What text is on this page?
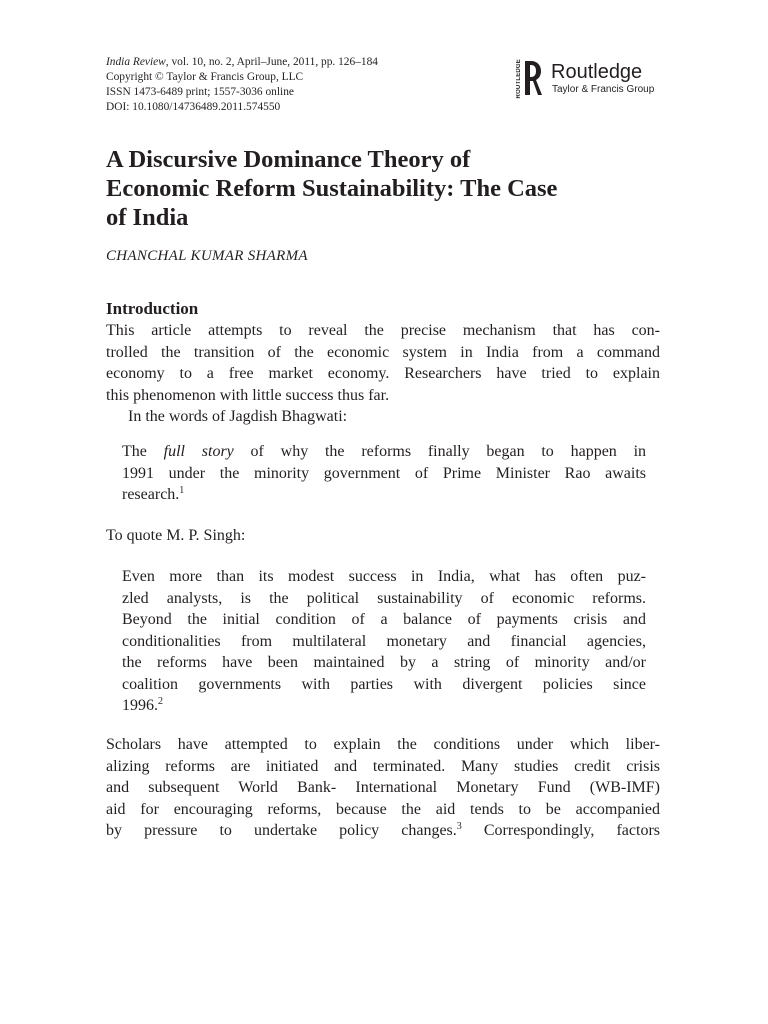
India Review, vol. 10, no. 2, April–June, 2011, pp. 126–184
Copyright © Taylor & Francis Group, LLC
ISSN 1473-6489 print; 1557-3036 online
DOI: 10.1080/14736489.2011.574550
ROUTLEDGE Routledge
Taylor & Francis Group
A Discursive Dominance Theory of
Economic Reform Sustainability: The Case
of India
CHANCHAL KUMAR SHARMA
Introduction
This article attempts to reveal the precise mechanism that has con-
trolled the transition of the economic system in India from a command
economy to a free market economy. Researchers have tried to explain
this phenomenon with little success thus far.
In the words of Jagdish Bhagwati:
The full story of why the reforms finally began to happen in
1991 under the minority government of Prime Minister Rao awaits
research.$^1$
To quote M. P. Singh:
Even more than its modest success in India, what has often puz-
zled analysts, is the political sustainability of economic reforms.
Beyond the initial condition of a balance of payments crisis and
conditionalities from multilateral monetary and financial agencies,
the reforms have been maintained by a string of minority and/or
coalition governments with parties with divergent policies since
1996.$^2$
Scholars have attempted to explain the conditions under which liber-
alizing reforms are initiated and terminated. Many studies credit crisis
and subsequent World Bank- International Monetary Fund (WB-IMF)
aid for encouraging reforms, because the aid tends to be accompanied
by pressure to undertake policy changes.$^3$ Correspondingly, factors
